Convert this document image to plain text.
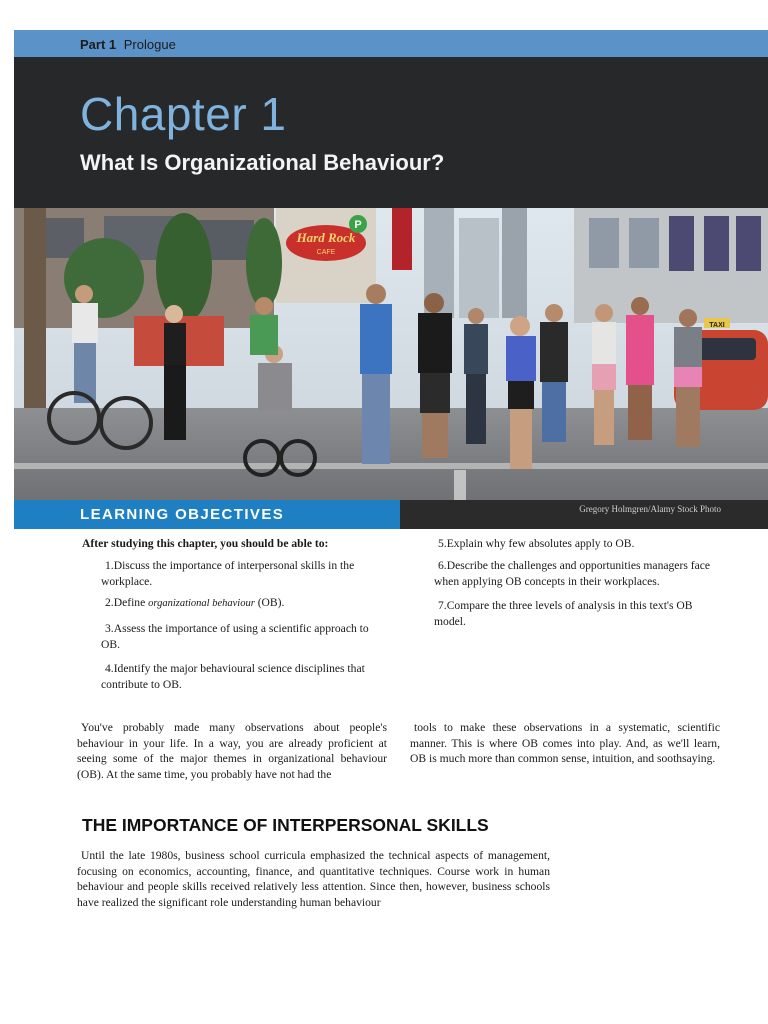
Part 1 Prologue
Chapter 1
What Is Organizational Behaviour?
Hard Rock
CAFE
P
TAXI
LEARNING OBJECTIVES	Gregory Holmgren/Alamy Stock Photo
After studying this chapter, you should be able to:
1.Discuss the importance of interpersonal skills in the workplace.
2.Define organizational behaviour (OB).
3.Assess the importance of using a scientific approach to OB.
4.Identify the major behavioural science disciplines that contribute to OB.
5.Explain why few absolutes apply to OB.
6.Describe the challenges and opportunities managers face when applying OB concepts in their workplaces.
7.Compare the three levels of analysis in this text's OB model.
You've probably made many observations about people's behaviour in your life. In a way, you are already proficient at seeing some of the major themes in organizational behaviour (OB). At the same time, you probably have not had the
tools to make these observations in a systematic, scientific manner. This is where OB comes into play. And, as we'll learn, OB is much more than common sense, intuition, and soothsaying.
THE IMPORTANCE OF INTERPERSONAL SKILLS
Until the late 1980s, business school curricula emphasized the technical aspects of management, focusing on economics, accounting, finance, and quantitative techniques. Course work in human behaviour and people skills received relatively less attention. Since then, however, business schools have realized the significant role understanding human behaviour
